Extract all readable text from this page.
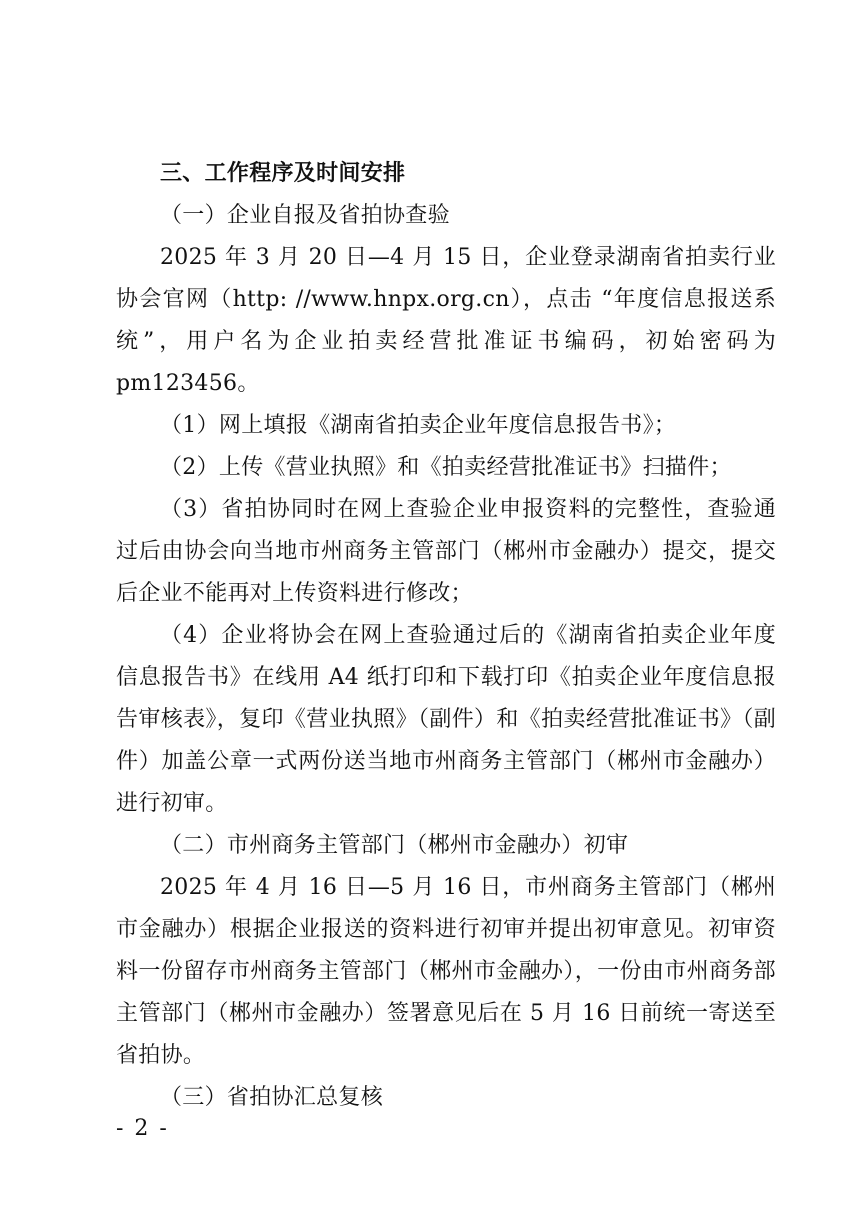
三、工作程序及时间安排

（一）企业自报及省拍协查验

2025 年 3 月 20 日—4 月 15 日，企业登录湖南省拍卖行业协会官网（http: //www.hnpx.org.cn），点击 “年度信息报送系统”，用户名为企业拍卖经营批准证书编码，初始密码为 pm123456。

（1）网上填报《湖南省拍卖企业年度信息报告书》；

（2）上传《营业执照》和《拍卖经营批准证书》扫描件；

（3）省拍协同时在网上查验企业申报资料的完整性，查验通过后由协会向当地市州商务主管部门（郴州市金融办）提交，提交后企业不能再对上传资料进行修改；

（4）企业将协会在网上查验通过后的《湖南省拍卖企业年度信息报告书》在线用 A4 纸打印和下载打印《拍卖企业年度信息报告审核表》，复印《营业执照》（副件）和《拍卖经营批准证书》（副件）加盖公章一式两份送当地市州商务主管部门（郴州市金融办）进行初审。

（二）市州商务主管部门（郴州市金融办）初审

2025 年 4 月 16 日—5 月 16 日，市州商务主管部门（郴州市金融办）根据企业报送的资料进行初审并提出初审意见。初审资料一份留存市州商务主管部门（郴州市金融办），一份由市州商务部主管部门（郴州市金融办）签署意见后在 5 月 16 日前统一寄送至省拍协。

（三）省拍协汇总复核

- 2 -
